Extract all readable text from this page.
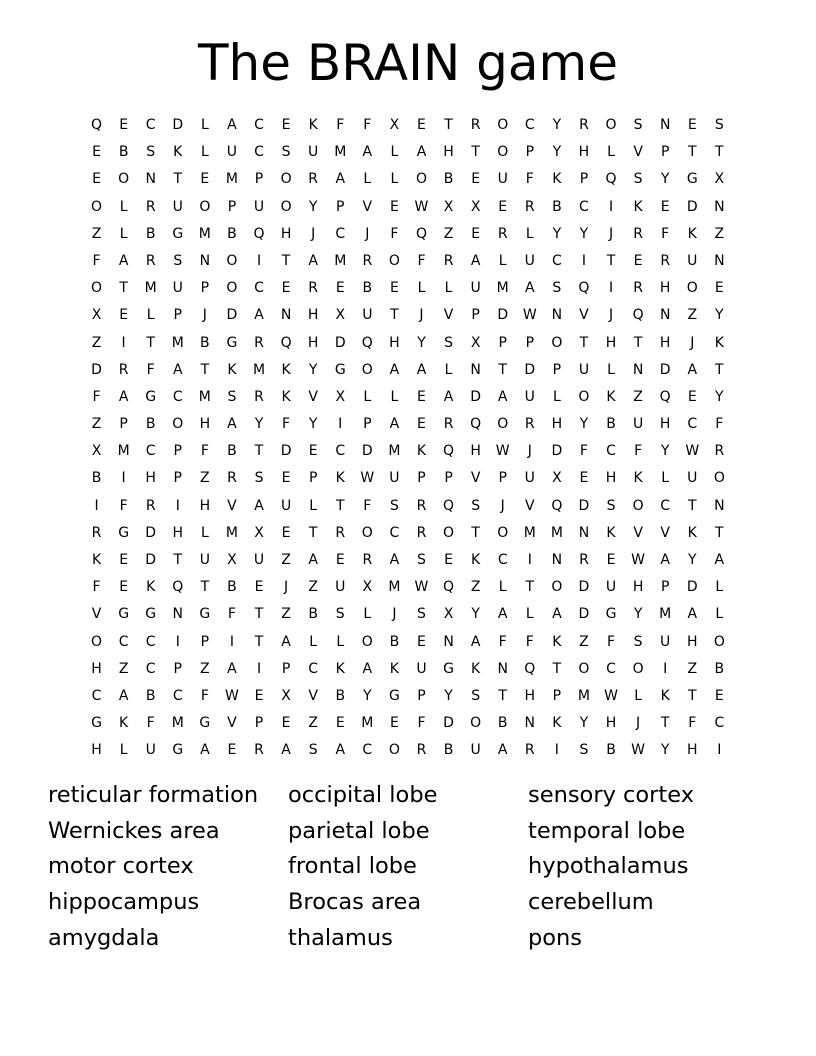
The BRAIN game
Q	E	C	D	L	A	C	E	K	F	F	X	E	T	R	O	C	Y	R	O	S	N	E	S
E	B	S	K	L	U	C	S	U	M	A	L	A	H	T	O	P	Y	H	L	V	P	T	T
E	O	N	T	E	M	P	O	R	A	L	L	O	B	E	U	F	K	P	Q	S	Y	G	X
O	L	R	U	O	P	U	O	Y	P	V	E	W	X	X	E	R	B	C	I	K	E	D	N
Z	L	B	G	M	B	Q	H	J	C	J	F	Q	Z	E	R	L	Y	Y	J	R	F	K	Z
F	A	R	S	N	O	I	T	A	M	R	O	F	R	A	L	U	C	I	T	E	R	U	N
O	T	M	U	P	O	C	E	R	E	B	E	L	L	U	M	A	S	Q	I	R	H	O	E
X	E	L	P	J	D	A	N	H	X	U	T	J	V	P	D	W	N	V	J	Q	N	Z	Y
Z	I	T	M	B	G	R	Q	H	D	Q	H	Y	S	X	P	P	O	T	H	T	H	J	K
D	R	F	A	T	K	M	K	Y	G	O	A	A	L	N	T	D	P	U	L	N	D	A	T
F	A	G	C	M	S	R	K	V	X	L	L	E	A	D	A	U	L	O	K	Z	Q	E	Y
Z	P	B	O	H	A	Y	F	Y	I	P	A	E	R	Q	O	R	H	Y	B	U	H	C	F
X	M	C	P	F	B	T	D	E	C	D	M	K	Q	H	W	J	D	F	C	F	Y	W	R
B	I	H	P	Z	R	S	E	P	K	W	U	P	P	V	P	U	X	E	H	K	L	U	O
I	F	R	I	H	V	A	U	L	T	F	S	R	Q	S	J	V	Q	D	S	O	C	T	N
R	G	D	H	L	M	X	E	T	R	O	C	R	O	T	O	M	M	N	K	V	V	K	T
K	E	D	T	U	X	U	Z	A	E	R	A	S	E	K	C	I	N	R	E	W	A	Y	A
F	E	K	Q	T	B	E	J	Z	U	X	M	W	Q	Z	L	T	O	D	U	H	P	D	L
V	G	G	N	G	F	T	Z	B	S	L	J	S	X	Y	A	L	A	D	G	Y	M	A	L
O	C	C	I	P	I	T	A	L	L	O	B	E	N	A	F	F	K	Z	F	S	U	H	O
H	Z	C	P	Z	A	I	P	C	K	A	K	U	G	K	N	Q	T	O	C	O	I	Z	B
C	A	B	C	F	W	E	X	V	B	Y	G	P	Y	S	T	H	P	M	W	L	K	T	E
G	K	F	M	G	V	P	E	Z	E	M	E	F	D	O	B	N	K	Y	H	J	T	F	C
H	L	U	G	A	E	R	A	S	A	C	O	R	B	U	A	R	I	S	B	W	Y	H	I
reticular formation
Wernickes area
motor cortex
hippocampus
amygdala
occipital lobe
parietal lobe
frontal lobe
Brocas area
thalamus
sensory cortex
temporal lobe
hypothalamus
cerebellum
pons
